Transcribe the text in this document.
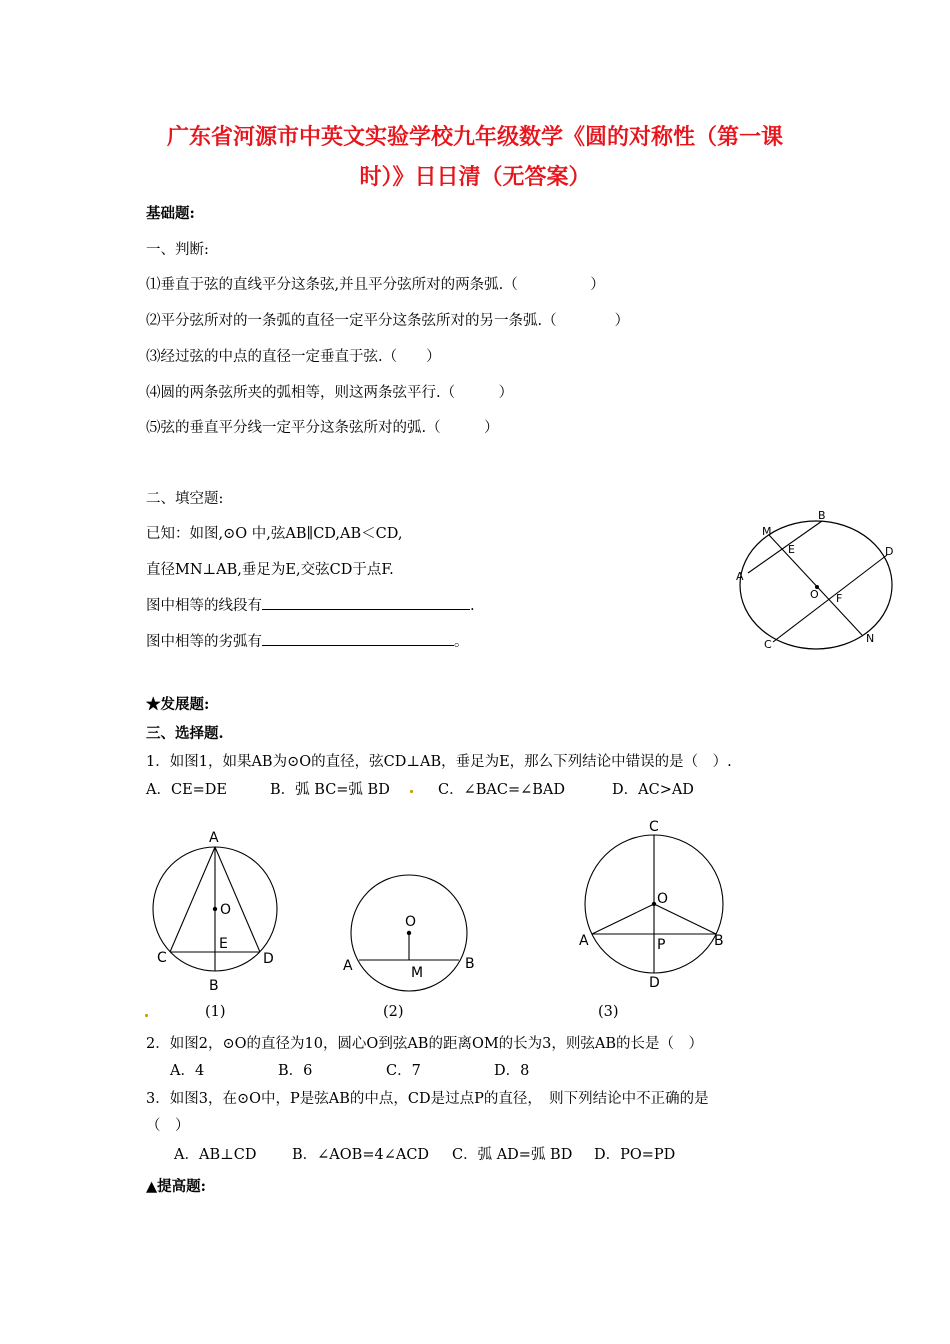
广东省河源市中英文实验学校九年级数学《圆的对称性（第一课
时）》日日清（无答案）
基础题:
一、判断:
⑴垂直于弦的直线平分这条弦,并且平分弦所对的两条弧.（　　　　　）
⑵平分弦所对的一条弧的直径一定平分这条弦所对的另一条弧.（　　　　）
⑶经过弦的中点的直径一定垂直于弦.（　　）
⑷圆的两条弦所夹的弧相等，则这两条弦平行.（　　　）
⑸弦的垂直平分线一定平分这条弦所对的弧.（　　　）
二、填空题:
已知：如图,⊙O 中,弦AB∥CD,AB＜CD,
直径MN⊥AB,垂足为E,交弦CD于点F.
图中相等的线段有	.
图中相等的劣弧有	。
M
B
E	D
A
O F
C	N
★发展题:
三、选择题.
1．如图1，如果AB为⊙O的直径，弦CD⊥AB，垂足为E，那么下列结论中错误的是（　）.
A．CE=DE	B．弧 BC=弧 BD	C．∠BAC=∠BAD	D．AC>AD
A
O
E
C	D
B
(1)
O
A	M
B
(2)
C
O
A	P	B
D
(3)
2．如图2，⊙O的直径为10，圆心O到弦AB的距离OM的长为3，则弦AB的长是（　）
A．4	B．6	C．7	D．8
3．如图3，在⊙O中，P是弦AB的中点，CD是过点P的直径，　则下列结论中不正确的是
（　）
A．AB⊥CD B．∠AOB=4∠ACD C．弧 AD=弧 BD D．PO=PD
▲提高题:
